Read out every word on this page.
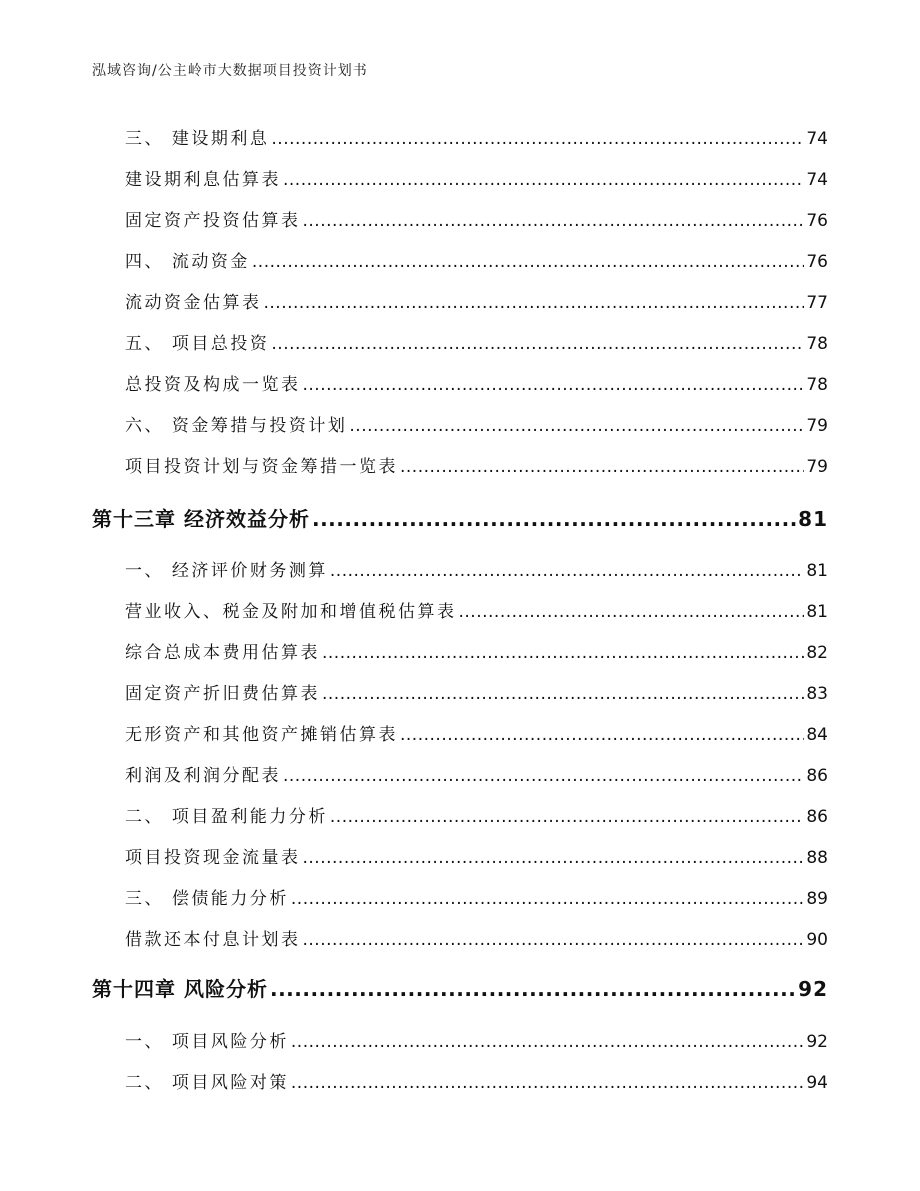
泓域咨询/公主岭市大数据项目投资计划书
三、 建设期利息 .....	74
建设期利息估算表 .....	74
固定资产投资估算表 .....	76
四、 流动资金 .....	76
流动资金估算表 .....	77
五、 项目总投资 .....	78
总投资及构成一览表 .....	78
六、 资金筹措与投资计划 .....	79
项目投资计划与资金筹措一览表 .....	79
第十三章 经济效益分析 .....	81
一、 经济评价财务测算 .....	81
营业收入、税金及附加和增值税估算表 .....	81
综合总成本费用估算表 .....	82
固定资产折旧费估算表 .....	83
无形资产和其他资产摊销估算表 .....	84
利润及利润分配表 .....	86
二、 项目盈利能力分析 .....	86
项目投资现金流量表 .....	88
三、 偿债能力分析 .....	89
借款还本付息计划表 .....	90
第十四章 风险分析 .....	92
一、 项目风险分析 .....	92
二、 项目风险对策 .....	94
